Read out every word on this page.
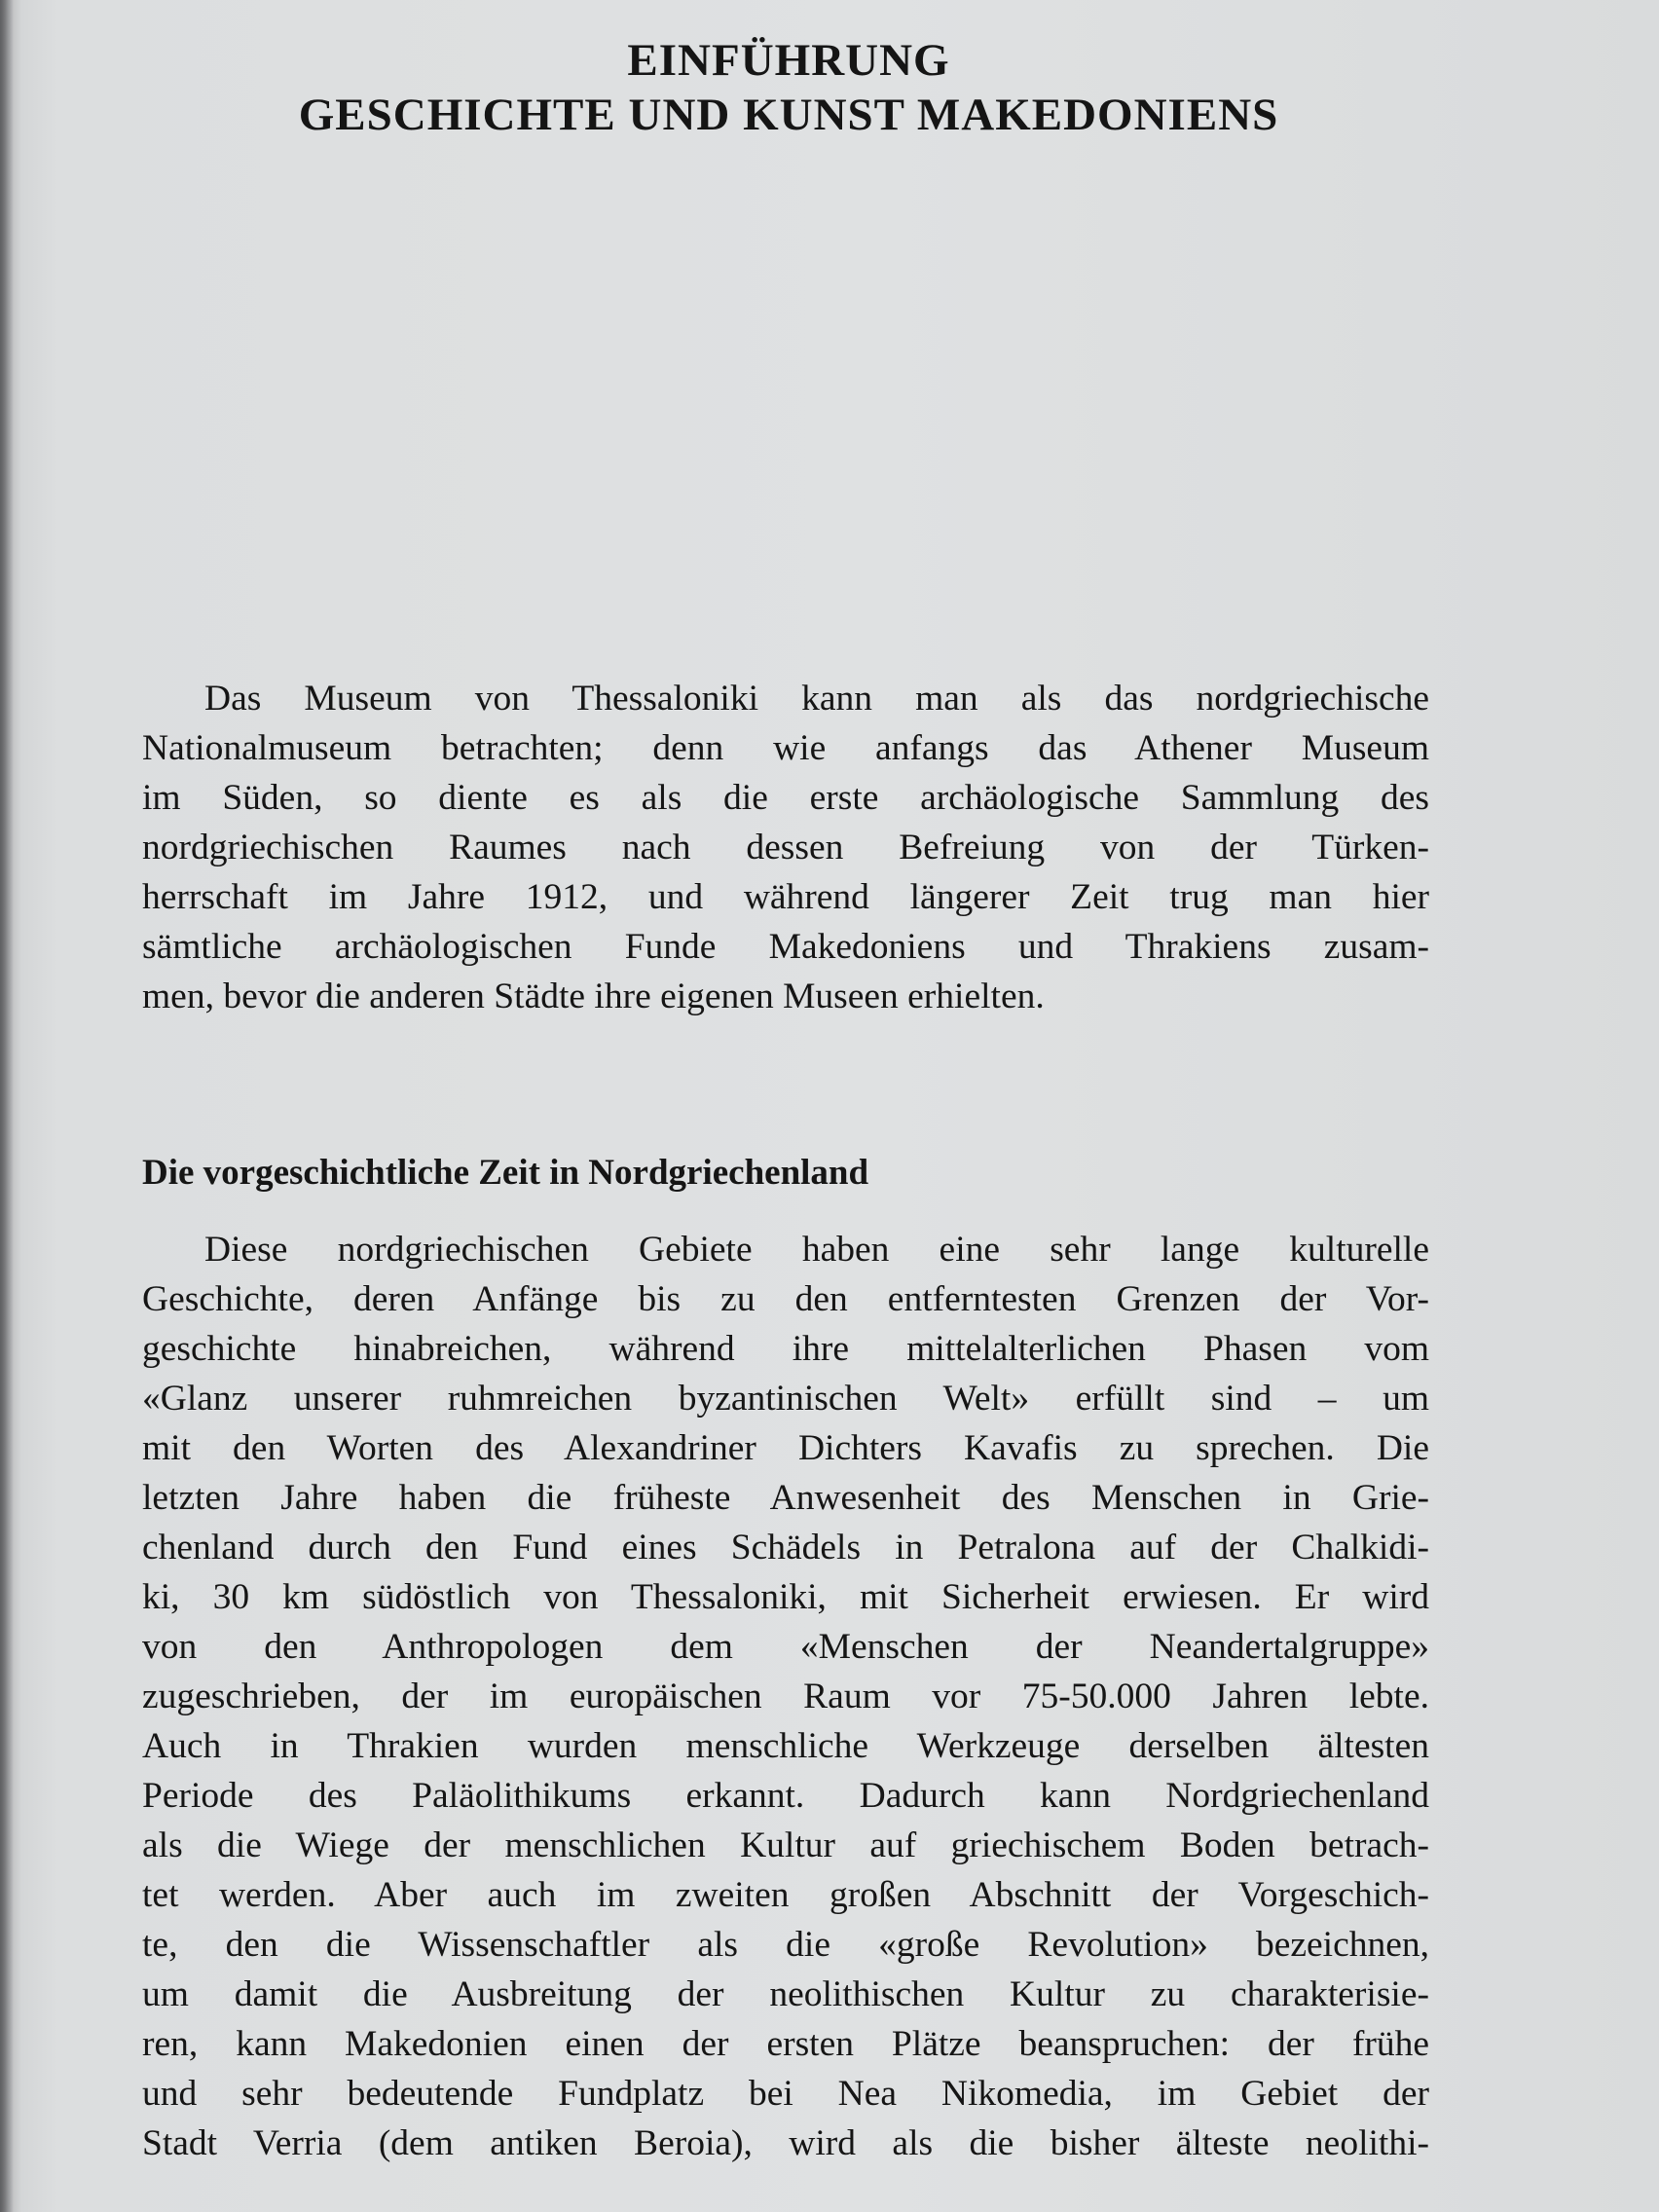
EINFÜHRUNG
GESCHICHTE UND KUNST MAKEDONIENS
Das Museum von Thessaloniki kann man als das nordgriechische
Nationalmuseum betrachten; denn wie anfangs das Athener Museum
im Süden, so diente es als die erste archäologische Sammlung des
nordgriechischen Raumes nach dessen Befreiung von der Türken-
herrschaft im Jahre 1912, und während längerer Zeit trug man hier
sämtliche archäologischen Funde Makedoniens und Thrakiens zusam-
men, bevor die anderen Städte ihre eigenen Museen erhielten.
Die vorgeschichtliche Zeit in Nordgriechenland
Diese nordgriechischen Gebiete haben eine sehr lange kulturelle
Geschichte, deren Anfänge bis zu den entferntesten Grenzen der Vor-
geschichte hinabreichen, während ihre mittelalterlichen Phasen vom
«Glanz unserer ruhmreichen byzantinischen Welt» erfüllt sind – um
mit den Worten des Alexandriner Dichters Kavafis zu sprechen. Die
letzten Jahre haben die früheste Anwesenheit des Menschen in Grie-
chenland durch den Fund eines Schädels in Petralona auf der Chalkidi-
ki, 30 km südöstlich von Thessaloniki, mit Sicherheit erwiesen. Er wird
von den Anthropologen dem «Menschen der Neandertalgruppe»
zugeschrieben, der im europäischen Raum vor 75-50.000 Jahren lebte.
Auch in Thrakien wurden menschliche Werkzeuge derselben ältesten
Periode des Paläolithikums erkannt. Dadurch kann Nordgriechenland
als die Wiege der menschlichen Kultur auf griechischem Boden betrach-
tet werden. Aber auch im zweiten großen Abschnitt der Vorgeschich-
te, den die Wissenschaftler als die «große Revolution» bezeichnen,
um damit die Ausbreitung der neolithischen Kultur zu charakterisie-
ren, kann Makedonien einen der ersten Plätze beanspruchen: der frühe
und sehr bedeutende Fundplatz bei Nea Nikomedia, im Gebiet der
Stadt Verria (dem antiken Beroia), wird als die bisher älteste neolithi-
